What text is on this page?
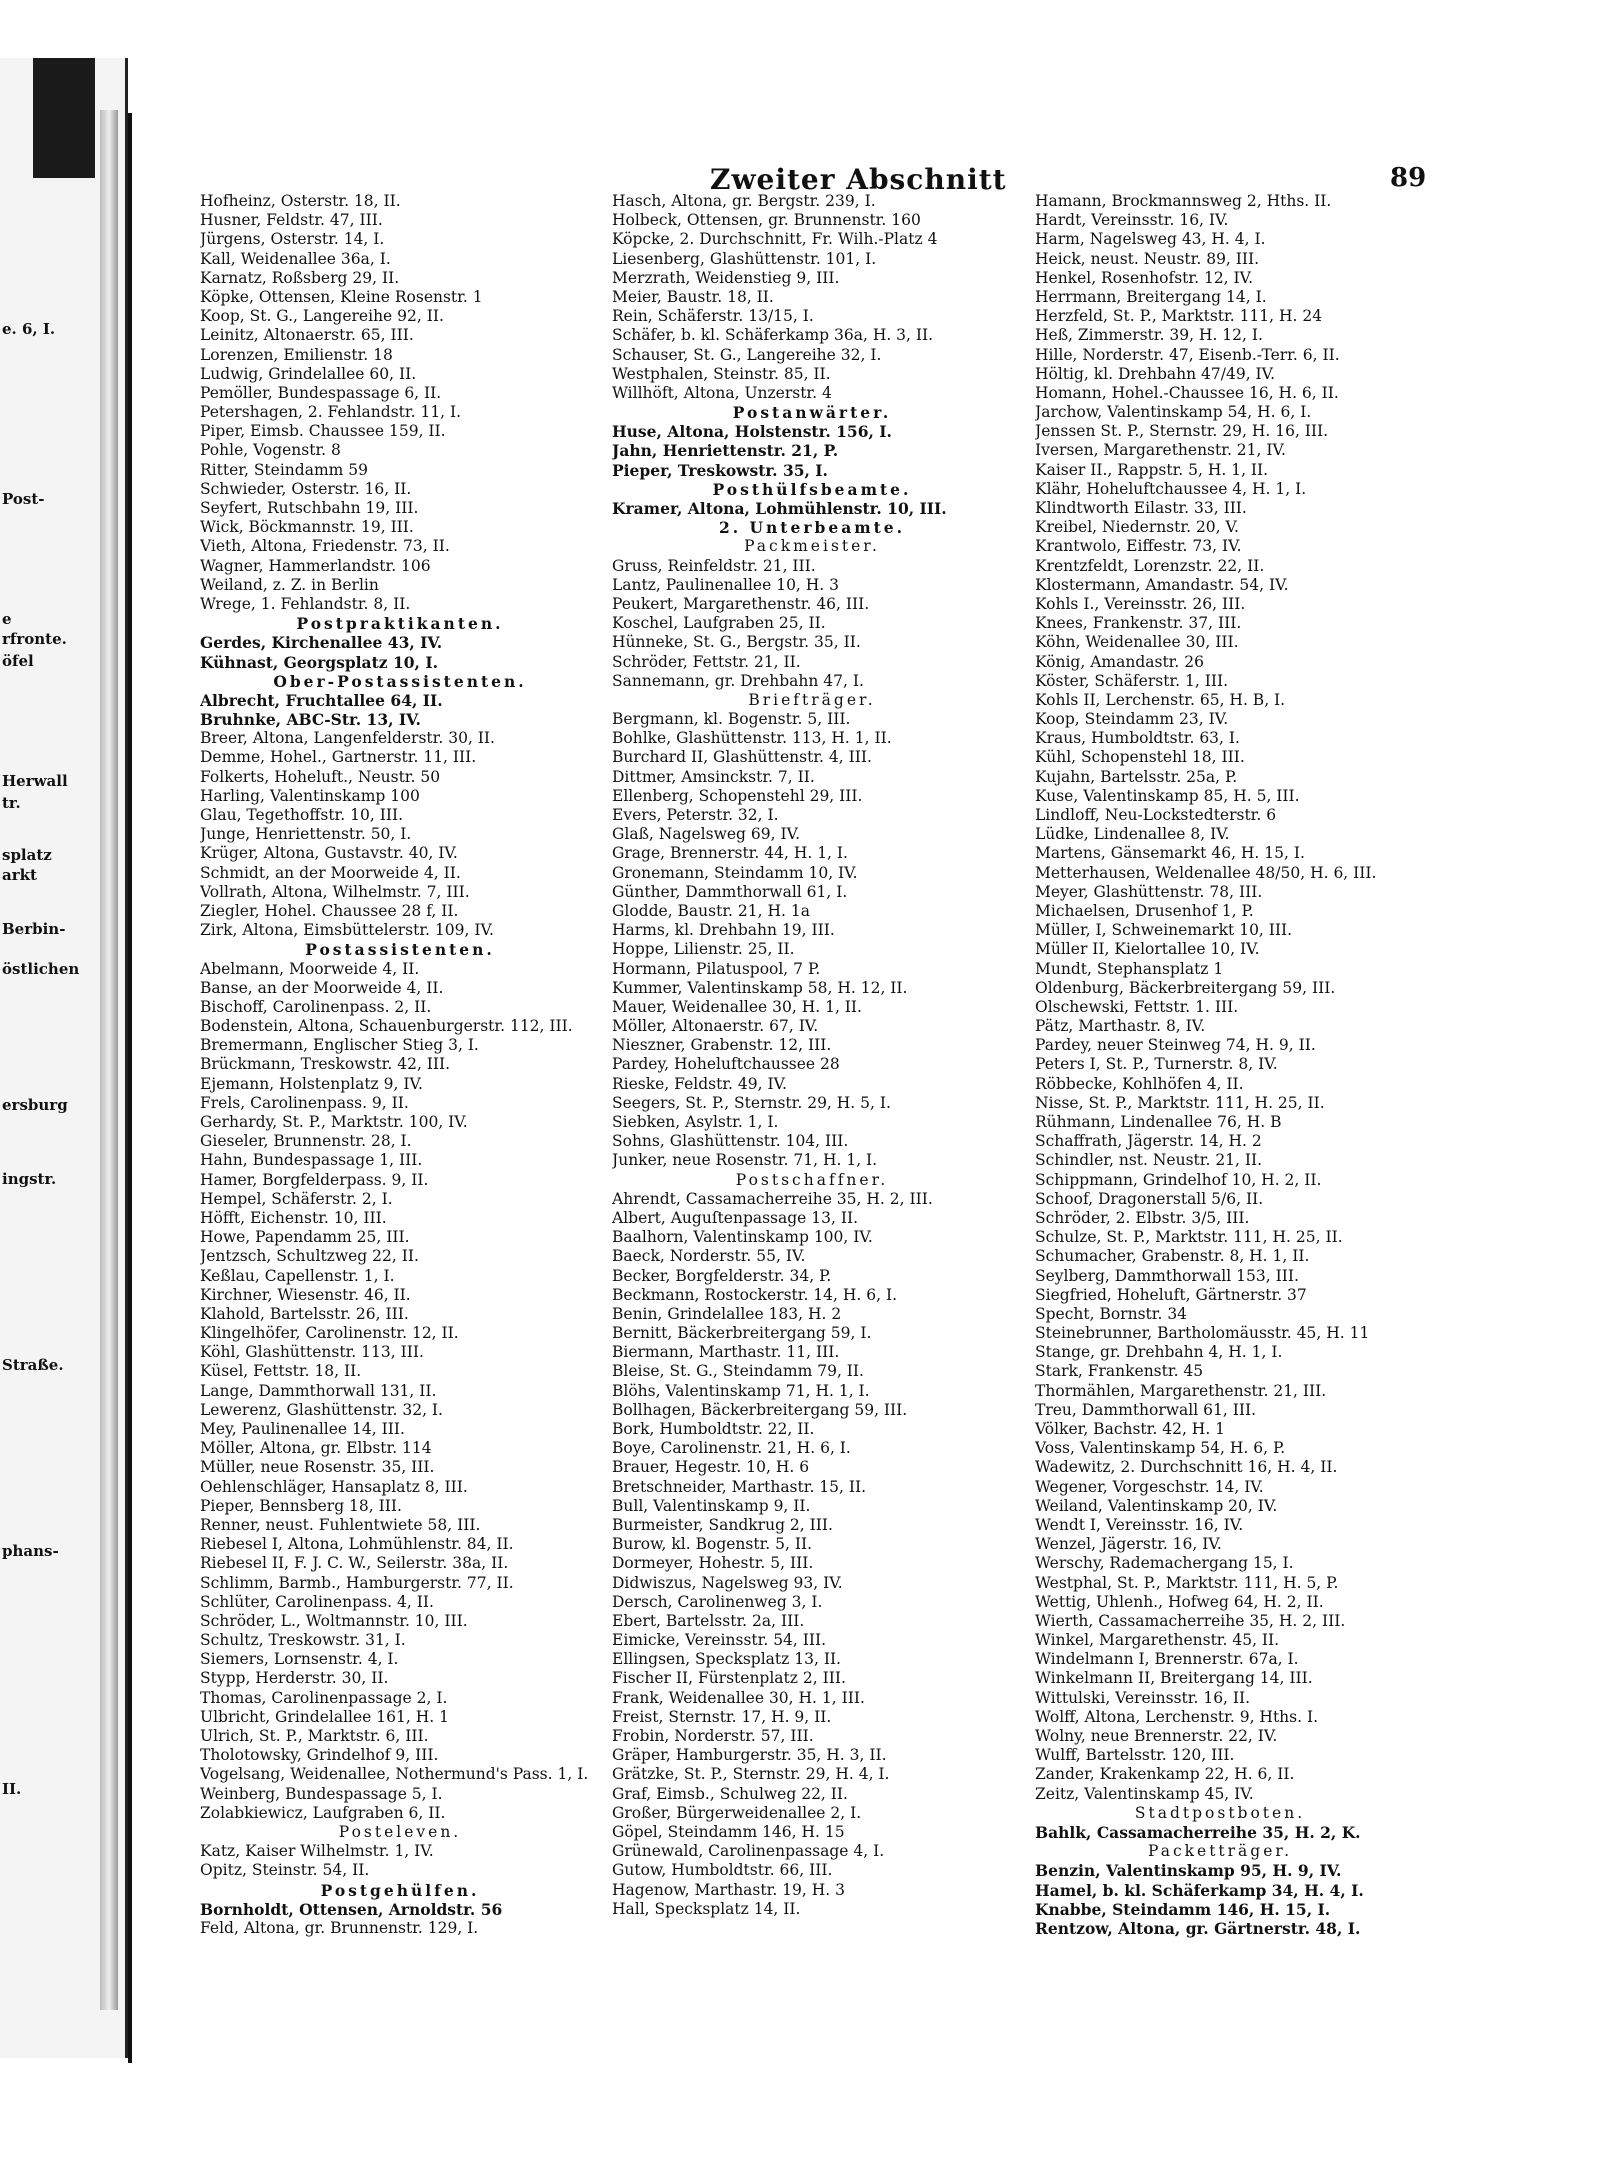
e. 6, I.
Post-
e
rfronte.
öfel
Herwall
tr.
splatz
arkt
Berbin-
östlichen
ersburg
ingstr.
Straße.
phans-
II.
Zweiter Abschnitt	89
Hofheinz, Osterstr. 18, II.
Husner, Feldstr. 47, III.
Jürgens, Osterstr. 14, I.
Kall, Weidenallee 36a, I.
Karnatz, Roßsberg 29, II.
Köpke, Ottensen, Kleine Rosenstr. 1
Koop, St. G., Langereihe 92, II.
Leinitz, Altonaerstr. 65, III.
Lorenzen, Emilienstr. 18
Ludwig, Grindelallee 60, II.
Pemöller, Bundespassage 6, II.
Petershagen, 2. Fehlandstr. 11, I.
Piper, Eimsb. Chaussee 159, II.
Pohle, Vogenstr. 8
Ritter, Steindamm 59
Schwieder, Osterstr. 16, II.
Seyfert, Rutschbahn 19, III.
Wick, Böckmannstr. 19, III.
Vieth, Altona, Friedenstr. 73, II.
Wagner, Hammerlandstr. 106
Weiland, z. Z. in Berlin
Wrege, 1. Fehlandstr. 8, II.
Postpraktikanten.
Gerdes, Kirchenallee 43, IV.
Kühnast, Georgsplatz 10, I.
Ober-Postassistenten.
Albrecht, Fruchtallee 64, II.
Bruhnke, ABC-Str. 13, IV.
Breer, Altona, Langenfelderstr. 30, II.
Demme, Hohel., Gartnerstr. 11, III.
Folkerts, Hoheluft., Neustr. 50
Harling, Valentinskamp 100
Glau, Tegethoffstr. 10, III.
Junge, Henriettenstr. 50, I.
Krüger, Altona, Gustavstr. 40, IV.
Schmidt, an der Moorweide 4, II.
Vollrath, Altona, Wilhelmstr. 7, III.
Ziegler, Hohel. Chaussee 28 f, II.
Zirk, Altona, Eimsbüttelerstr. 109, IV.
Postassistenten.
Abelmann, Moorweide 4, II.
Banse, an der Moorweide 4, II.
Bischoff, Carolinenpass. 2, II.
Bodenstein, Altona, Schauenburgerstr. 112, III.
Bremermann, Englischer Stieg 3, I.
Brückmann, Treskowstr. 42, III.
Ejemann, Holstenplatz 9, IV.
Frels, Carolinenpass. 9, II.
Gerhardy, St. P., Marktstr. 100, IV.
Gieseler, Brunnenstr. 28, I.
Hahn, Bundespassage 1, III.
Hamer, Borgfelderpass. 9, II.
Hempel, Schäferstr. 2, I.
Höfft, Eichenstr. 10, III.
Howe, Papendamm 25, III.
Jentzsch, Schultzweg 22, II.
Keßlau, Capellenstr. 1, I.
Kirchner, Wiesenstr. 46, II.
Klahold, Bartelsstr. 26, III.
Klingelhöfer, Carolinenstr. 12, II.
Köhl, Glashüttenstr. 113, III.
Küsel, Fettstr. 18, II.
Lange, Dammthorwall 131, II.
Lewerenz, Glashüttenstr. 32, I.
Mey, Paulinenallee 14, III.
Möller, Altona, gr. Elbstr. 114
Müller, neue Rosenstr. 35, III.
Oehlenschläger, Hansaplatz 8, III.
Pieper, Bennsberg 18, III.
Renner, neust. Fuhlentwiete 58, III.
Riebesel I, Altona, Lohmühlenstr. 84, II.
Riebesel II, F. J. C. W., Seilerstr. 38a, II.
Schlimm, Barmb., Hamburgerstr. 77, II.
Schlüter, Carolinenpass. 4, II.
Schröder, L., Woltmannstr. 10, III.
Schultz, Treskowstr. 31, I.
Siemers, Lornsenstr. 4, I.
Stypp, Herderstr. 30, II.
Thomas, Carolinenpassage 2, I.
Ulbricht, Grindelallee 161, H. 1
Ulrich, St. P., Marktstr. 6, III.
Tholotowsky, Grindelhof 9, III.
Vogelsang, Weidenallee, Nothermund's Pass. 1, I.
Weinberg, Bundespassage 5, I.
Zolabkiewicz, Laufgraben 6, II.
Posteleven.
Katz, Kaiser Wilhelmstr. 1, IV.
Opitz, Steinstr. 54, II.
Postgehülfen.
Bornholdt, Ottensen, Arnoldstr. 56
Feld, Altona, gr. Brunnenstr. 129, I.
Hasch, Altona, gr. Bergstr. 239, I.
Holbeck, Ottensen, gr. Brunnenstr. 160
Köpcke, 2. Durchschnitt, Fr. Wilh.-Platz 4
Liesenberg, Glashüttenstr. 101, I.
Merzrath, Weidenstieg 9, III.
Meier, Baustr. 18, II.
Rein, Schäferstr. 13/15, I.
Schäfer, b. kl. Schäferkamp 36a, H. 3, II.
Schauser, St. G., Langereihe 32, I.
Westphalen, Steinstr. 85, II.
Willhöft, Altona, Unzerstr. 4
Postanwärter.
Huse, Altona, Holstenstr. 156, I.
Jahn, Henriettenstr. 21, P.
Pieper, Treskowstr. 35, I.
Posthülfsbeamte.
Kramer, Altona, Lohmühlenstr. 10, III.
2. Unterbeamte.
Packmeister.
Gruss, Reinfeldstr. 21, III.
Lantz, Paulinenallee 10, H. 3
Peukert, Margarethenstr. 46, III.
Koschel, Laufgraben 25, II.
Hünneke, St. G., Bergstr. 35, II.
Schröder, Fettstr. 21, II.
Sannemann, gr. Drehbahn 47, I.
Briefträger.
Bergmann, kl. Bogenstr. 5, III.
Bohlke, Glashüttenstr. 113, H. 1, II.
Burchard II, Glashüttenstr. 4, III.
Dittmer, Amsinckstr. 7, II.
Ellenberg, Schopenstehl 29, III.
Evers, Peterstr. 32, I.
Glaß, Nagelsweg 69, IV.
Grage, Brennerstr. 44, H. 1, I.
Gronemann, Steindamm 10, IV.
Günther, Dammthorwall 61, I.
Glodde, Baustr. 21, H. 1a
Harms, kl. Drehbahn 19, III.
Hoppe, Lilienstr. 25, II.
Hormann, Pilatuspool, 7 P.
Kummer, Valentinskamp 58, H. 12, II.
Mauer, Weidenallee 30, H. 1, II.
Möller, Altonaerstr. 67, IV.
Nieszner, Grabenstr. 12, III.
Pardey, Hoheluftchaussee 28
Rieske, Feldstr. 49, IV.
Seegers, St. P., Sternstr. 29, H. 5, I.
Siebken, Asylstr. 1, I.
Sohns, Glashüttenstr. 104, III.
Junker, neue Rosenstr. 71, H. 1, I.
Postschaffner.
Ahrendt, Cassamacherreihe 35, H. 2, III.
Albert, Auguſtenpassage 13, II.
Baalhorn, Valentinskamp 100, IV.
Baeck, Norderstr. 55, IV.
Becker, Borgfelderstr. 34, P.
Beckmann, Rostockerstr. 14, H. 6, I.
Benin, Grindelallee 183, H. 2
Bernitt, Bäckerbreitergang 59, I.
Biermann, Marthastr. 11, III.
Bleise, St. G., Steindamm 79, II.
Blöhs, Valentinskamp 71, H. 1, I.
Bollhagen, Bäckerbreitergang 59, III.
Bork, Humboldtstr. 22, II.
Boye, Carolinenstr. 21, H. 6, I.
Brauer, Hegestr. 10, H. 6
Bretschneider, Marthastr. 15, II.
Bull, Valentinskamp 9, II.
Burmeister, Sandkrug 2, III.
Burow, kl. Bogenstr. 5, II.
Dormeyer, Hohestr. 5, III.
Didwiszus, Nagelsweg 93, IV.
Dersch, Carolinenweg 3, I.
Ebert, Bartelsstr. 2a, III.
Eimicke, Vereinsstr. 54, III.
Ellingsen, Specksplatz 13, II.
Fischer II, Fürstenplatz 2, III.
Frank, Weidenallee 30, H. 1, III.
Freist, Sternstr. 17, H. 9, II.
Frobin, Norderstr. 57, III.
Gräper, Hamburgerstr. 35, H. 3, II.
Grätzke, St. P., Sternstr. 29, H. 4, I.
Graf, Eimsb., Schulweg 22, II.
Großer, Bürgerweidenallee 2, I.
Göpel, Steindamm 146, H. 15
Grünewald, Carolinenpassage 4, I.
Gutow, Humboldtstr. 66, III.
Hagenow, Marthastr. 19, H. 3
Hall, Specksplatz 14, II.
Hamann, Brockmannsweg 2, Hths. II.
Hardt, Vereinsstr. 16, IV.
Harm, Nagelsweg 43, H. 4, I.
Heick, neust. Neustr. 89, III.
Henkel, Rosenhofstr. 12, IV.
Herrmann, Breitergang 14, I.
Herzfeld, St. P., Marktstr. 111, H. 24
Heß, Zimmerstr. 39, H. 12, I.
Hille, Norderstr. 47, Eisenb.-Terr. 6, II.
Höltig, kl. Drehbahn 47/49, IV.
Homann, Hohel.-Chaussee 16, H. 6, II.
Jarchow, Valentinskamp 54, H. 6, I.
Jenssen St. P., Sternstr. 29, H. 16, III.
Iversen, Margarethenstr. 21, IV.
Kaiser II., Rappstr. 5, H. 1, II.
Klähr, Hoheluftchaussee 4, H. 1, I.
Klindtworth Eilastr. 33, III.
Kreibel, Niedernstr. 20, V.
Krantwolo, Eiffestr. 73, IV.
Krentzfeldt, Lorenzstr. 22, II.
Klostermann, Amandastr. 54, IV.
Kohls I., Vereinsstr. 26, III.
Knees, Frankenstr. 37, III.
Köhn, Weidenallee 30, III.
König, Amandastr. 26
Köster, Schäferstr. 1, III.
Kohls II, Lerchenstr. 65, H. B, I.
Koop, Steindamm 23, IV.
Kraus, Humboldtstr. 63, I.
Kühl, Schopenstehl 18, III.
Kujahn, Bartelsstr. 25a, P.
Kuse, Valentinskamp 85, H. 5, III.
Lindloff, Neu-Lockstedterstr. 6
Lüdke, Lindenallee 8, IV.
Martens, Gänsemarkt 46, H. 15, I.
Metterhausen, Weldenallee 48/50, H. 6, III.
Meyer, Glashüttenstr. 78, III.
Michaelsen, Drusenhof 1, P.
Müller, I, Schweinemarkt 10, III.
Müller II, Kielortallee 10, IV.
Mundt, Stephansplatz 1
Oldenburg, Bäckerbreitergang 59, III.
Olschewski, Fettstr. 1. III.
Pätz, Marthastr. 8, IV.
Pardey, neuer Steinweg 74, H. 9, II.
Peters I, St. P., Turnerstr. 8, IV.
Röbbecke, Kohlhöfen 4, II.
Nisse, St. P., Marktstr. 111, H. 25, II.
Rühmann, Lindenallee 76, H. B
Schaffrath, Jägerstr. 14, H. 2
Schindler, nst. Neustr. 21, II.
Schippmann, Grindelhof 10, H. 2, II.
Schoof, Dragonerstall 5/6, II.
Schröder, 2. Elbstr. 3/5, III.
Schulze, St. P., Marktstr. 111, H. 25, II.
Schumacher, Grabenstr. 8, H. 1, II.
Seylberg, Dammthorwall 153, III.
Siegfried, Hoheluft, Gärtnerstr. 37
Specht, Bornstr. 34
Steinebrunner, Bartholomäusstr. 45, H. 11
Stange, gr. Drehbahn 4, H. 1, I.
Stark, Frankenstr. 45
Thormählen, Margarethenstr. 21, III.
Treu, Dammthorwall 61, III.
Völker, Bachstr. 42, H. 1
Voss, Valentinskamp 54, H. 6, P.
Wadewitz, 2. Durchschnitt 16, H. 4, II.
Wegener, Vorgeschstr. 14, IV.
Weiland, Valentinskamp 20, IV.
Wendt I, Vereinsstr. 16, IV.
Wenzel, Jägerstr. 16, IV.
Werschy, Rademachergang 15, I.
Westphal, St. P., Marktstr. 111, H. 5, P.
Wettig, Uhlenh., Hofweg 64, H. 2, II.
Wierth, Cassamacherreihe 35, H. 2, III.
Winkel, Margarethenstr. 45, II.
Windelmann I, Brennerstr. 67a, I.
Winkelmann II, Breitergang 14, III.
Wittulski, Vereinsstr. 16, II.
Wolff, Altona, Lerchenstr. 9, Hths. I.
Wolny, neue Brennerstr. 22, IV.
Wulff, Bartelsstr. 120, III.
Zander, Krakenkamp 22, H. 6, II.
Zeitz, Valentinskamp 45, IV.
Stadtpostboten.
Bahlk, Cassamacherreihe 35, H. 2, K.
Packetträger.
Benzin, Valentinskamp 95, H. 9, IV.
Hamel, b. kl. Schäferkamp 34, H. 4, I.
Knabbe, Steindamm 146, H. 15, I.
Rentzow, Altona, gr. Gärtnerstr. 48, I.
